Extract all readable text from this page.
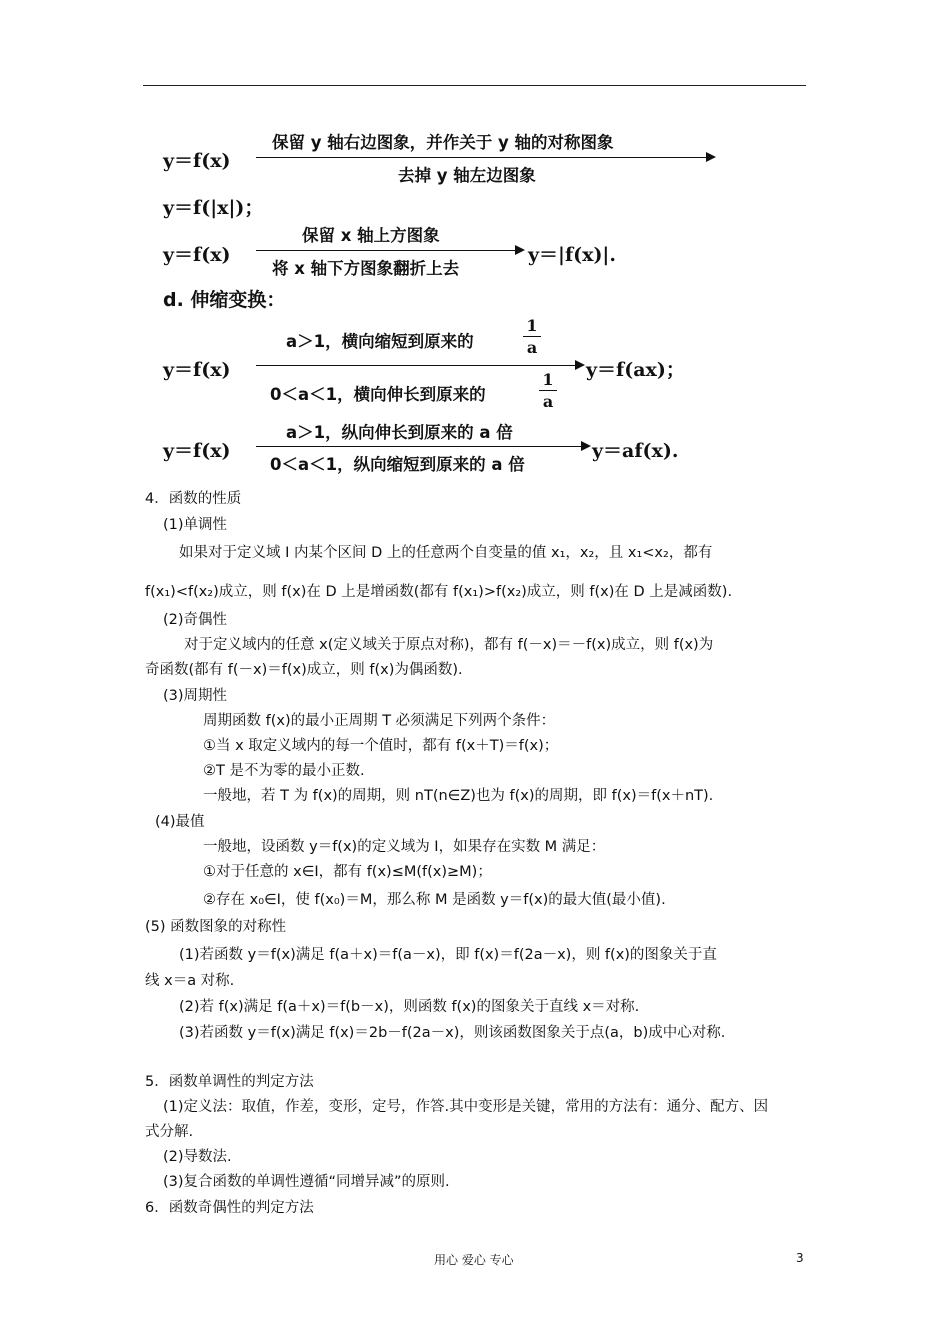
y＝f(x)
保留 y 轴右边图象，并作关于 y 轴的对称图象
去掉 y 轴左边图象
y＝f(|x|)；
y＝f(x)
保留 x 轴上方图象
将 x 轴下方图象翻折上去
y＝|f(x)|.
d. 伸缩变换：
y＝f(x)
a＞1，横向缩短到原来的
1
a
0＜a＜1，横向伸长到原来的
1
a
y＝f(ax)；
y＝f(x)
a＞1，纵向伸长到原来的 a 倍
0＜a＜1，纵向缩短到原来的 a 倍
y＝af(x).
4．函数的性质
(1)单调性
如果对于定义域 I 内某个区间 D 上的任意两个自变量的值 x₁，x₂，且 x₁<x₂，都有
f(x₁)<f(x₂)成立，则 f(x)在 D 上是增函数(都有 f(x₁)>f(x₂)成立，则 f(x)在 D 上是减函数).
(2)奇偶性
对于定义域内的任意 x(定义域关于原点对称)，都有 f(－x)＝－f(x)成立，则 f(x)为
奇函数(都有 f(－x)＝f(x)成立，则 f(x)为偶函数).
(3)周期性
周期函数 f(x)的最小正周期 T 必须满足下列两个条件：
①当 x 取定义域内的每一个值时，都有 f(x＋T)＝f(x)；
②T 是不为零的最小正数.
一般地，若 T 为 f(x)的周期，则 nT(n∈Z)也为 f(x)的周期，即 f(x)＝f(x＋nT).
(4)最值
一般地，设函数 y＝f(x)的定义域为 I，如果存在实数 M 满足：
①对于任意的 x∈I，都有 f(x)≤M(f(x)≥M)；
②存在 x₀∈I，使 f(x₀)＝M，那么称 M 是函数 y＝f(x)的最大值(最小值).
(5) 函数图象的对称性
(1)若函数 y＝f(x)满足 f(a＋x)＝f(a－x)，即 f(x)＝f(2a－x)，则 f(x)的图象关于直
线 x＝a 对称.
(2)若 f(x)满足 f(a＋x)＝f(b－x)，则函数 f(x)的图象关于直线 x＝对称.
(3)若函数 y＝f(x)满足 f(x)＝2b－f(2a－x)，则该函数图象关于点(a，b)成中心对称.
5．函数单调性的判定方法
(1)定义法：取值，作差，变形，定号，作答.其中变形是关键，常用的方法有：通分、配方、因
式分解.
(2)导数法.
(3)复合函数的单调性遵循“同增异减”的原则.
6．函数奇偶性的判定方法
用心 爱心 专心	3
